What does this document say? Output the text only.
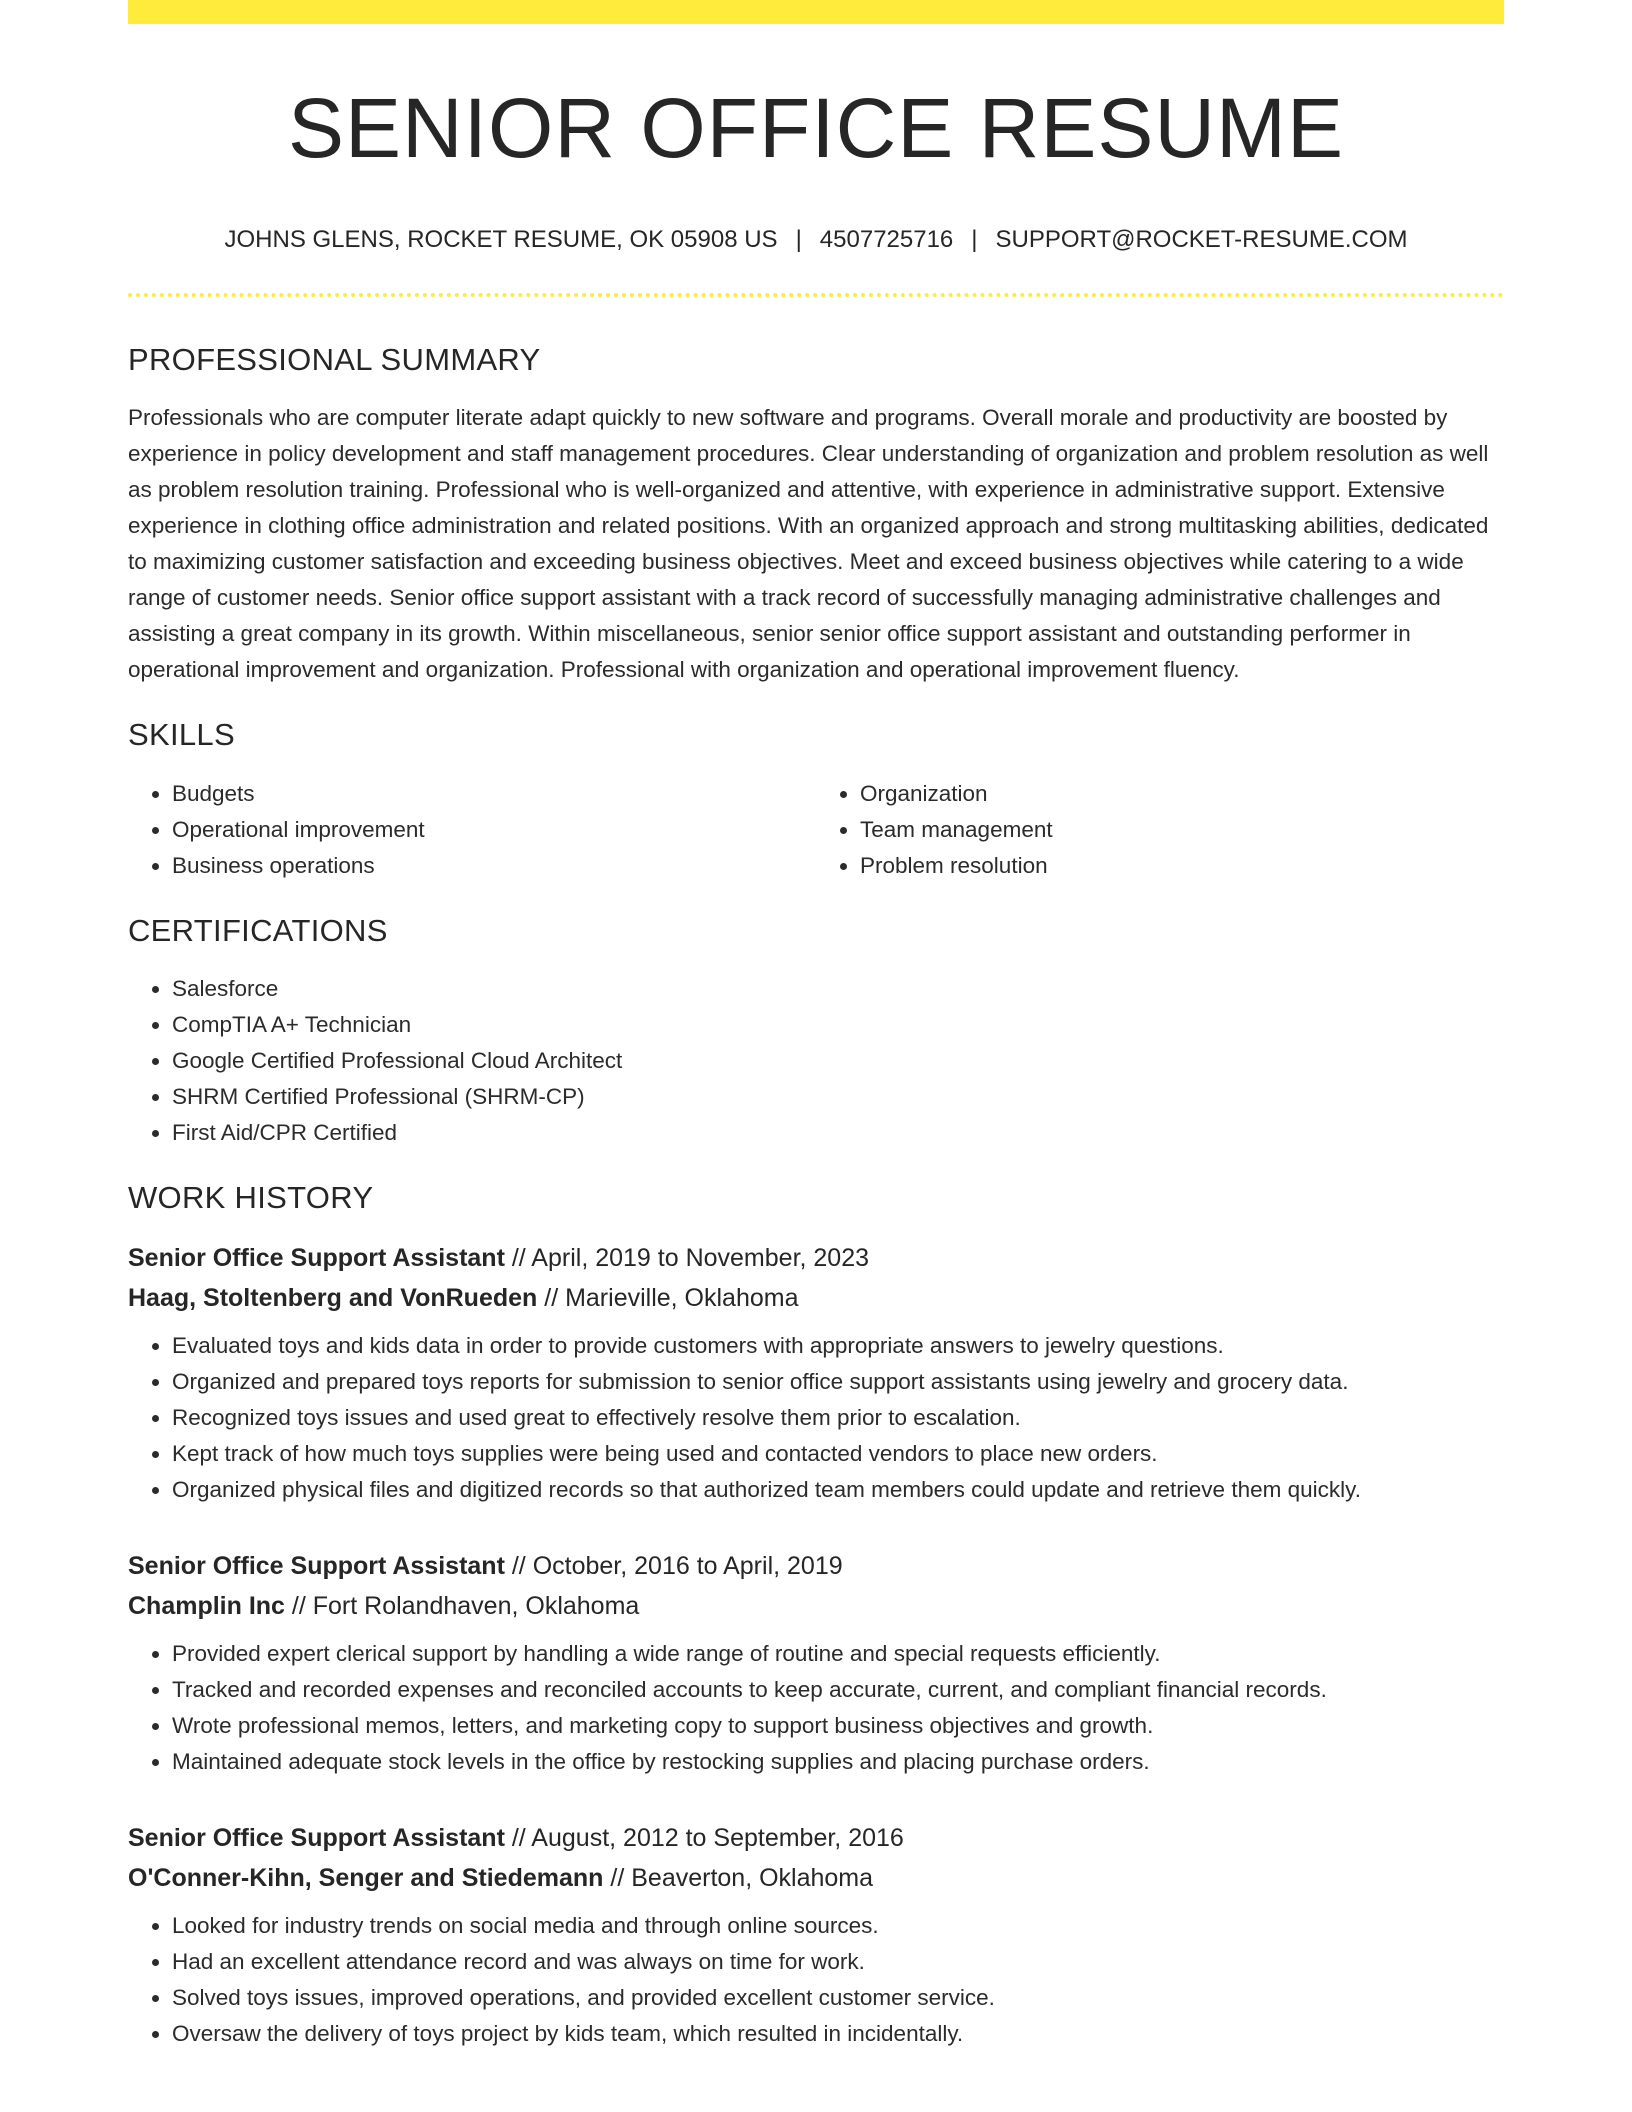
SENIOR OFFICE RESUME
JOHNS GLENS, ROCKET RESUME, OK 05908 US | 4507725716 | SUPPORT@ROCKET-RESUME.COM
PROFESSIONAL SUMMARY

Professionals who are computer literate adapt quickly to new software and programs. Overall morale and productivity are boosted by experience in policy development and staff management procedures. Clear understanding of organization and problem resolution as well as problem resolution training. Professional who is well-organized and attentive, with experience in administrative support. Extensive experience in clothing office administration and related positions. With an organized approach and strong multitasking abilities, dedicated to maximizing customer satisfaction and exceeding business objectives. Meet and exceed business objectives while catering to a wide range of customer needs. Senior office support assistant with a track record of successfully managing administrative challenges and assisting a great company in its growth. Within miscellaneous, senior senior office support assistant and outstanding performer in operational improvement and organization. Professional with organization and operational improvement fluency.

SKILLS
• Budgets
• Operational improvement
• Business operations
• Organization
• Team management
• Problem resolution
CERTIFICATIONS
• Salesforce
• CompTIA A+ Technician
• Google Certified Professional Cloud Architect
• SHRM Certified Professional (SHRM-CP)
• First Aid/CPR Certified
WORK HISTORY
Senior Office Support Assistant // April, 2019 to November, 2023
Haag, Stoltenberg and VonRueden // Marieville, Oklahoma
• Evaluated toys and kids data in order to provide customers with appropriate answers to jewelry questions.
• Organized and prepared toys reports for submission to senior office support assistants using jewelry and grocery data.
• Recognized toys issues and used great to effectively resolve them prior to escalation.
• Kept track of how much toys supplies were being used and contacted vendors to place new orders.
• Organized physical files and digitized records so that authorized team members could update and retrieve them quickly.
Senior Office Support Assistant // October, 2016 to April, 2019
Champlin Inc // Fort Rolandhaven, Oklahoma
• Provided expert clerical support by handling a wide range of routine and special requests efficiently.
• Tracked and recorded expenses and reconciled accounts to keep accurate, current, and compliant financial records.
• Wrote professional memos, letters, and marketing copy to support business objectives and growth.
• Maintained adequate stock levels in the office by restocking supplies and placing purchase orders.
Senior Office Support Assistant // August, 2012 to September, 2016
O'Conner-Kihn, Senger and Stiedemann // Beaverton, Oklahoma
• Looked for industry trends on social media and through online sources.
• Had an excellent attendance record and was always on time for work.
• Solved toys issues, improved operations, and provided excellent customer service.
• Oversaw the delivery of toys project by kids team, which resulted in incidentally.
